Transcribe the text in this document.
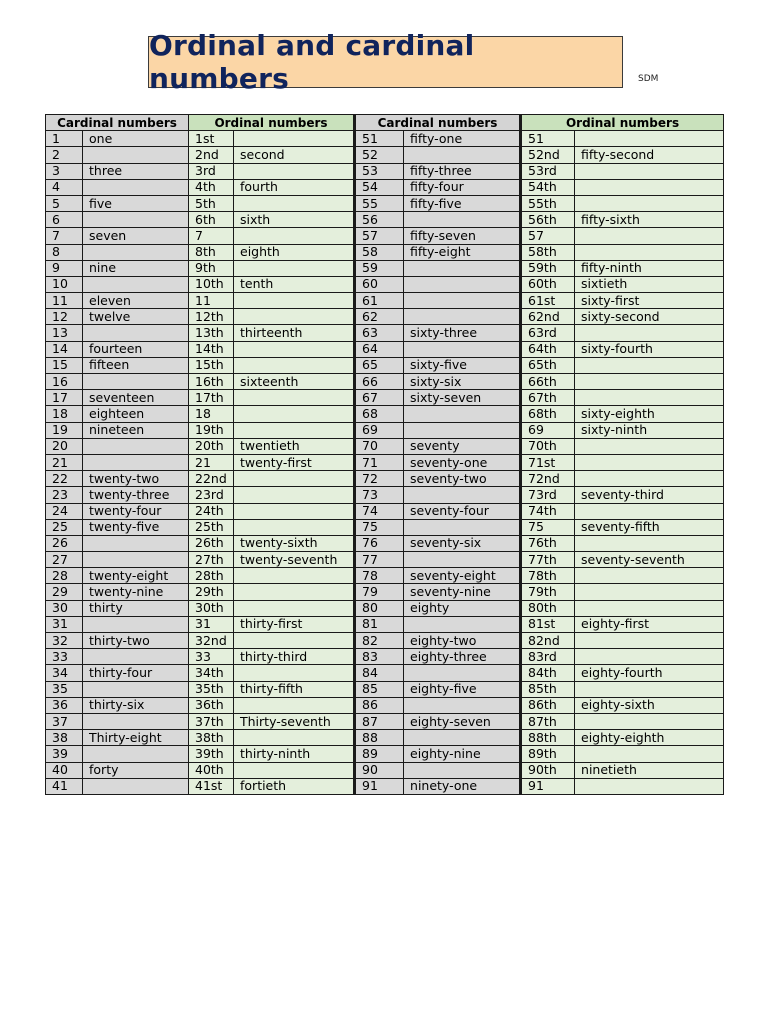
Ordinal and cardinal numbers	SDM
Cardinal numbers		Ordinal numbers		Cardinal numbers		Ordinal numbers	
1	one	1st		51	fifty-one	51	
2		2nd	second	52		52nd	fifty-second
3	three	3rd		53	fifty-three	53rd	
4		4th	fourth	54	fifty-four	54th	
5	five	5th		55	fifty-five	55th	
6		6th	sixth	56		56th	fifty-sixth
7	seven	7		57	fifty-seven	57	
8		8th	eighth	58	fifty-eight	58th	
9	nine	9th		59		59th	fifty-ninth
10		10th	tenth	60		60th	sixtieth
11	eleven	11		61		61st	sixty-first
12	twelve	12th		62		62nd	sixty-second
13		13th	thirteenth	63	sixty-three	63rd	
14	fourteen	14th		64		64th	sixty-fourth
15	fifteen	15th		65	sixty-five	65th	
16		16th	sixteenth	66	sixty-six	66th	
17	seventeen	17th		67	sixty-seven	67th	
18	eighteen	18		68		68th	sixty-eighth
19	nineteen	19th		69		69	sixty-ninth
20		20th	twentieth	70	seventy	70th	
21		21	twenty-first	71	seventy-one	71st	
22	twenty-two	22nd		72	seventy-two	72nd	
23	twenty-three	23rd		73		73rd	seventy-third
24	twenty-four	24th		74	seventy-four	74th	
25	twenty-five	25th		75		75	seventy-fifth
26		26th	twenty-sixth	76	seventy-six	76th	
27		27th	twenty-seventh	77		77th	seventy-seventh
28	twenty-eight	28th		78	seventy-eight	78th	
29	twenty-nine	29th		79	seventy-nine	79th	
30	thirty	30th		80	eighty	80th	
31		31	thirty-first	81		81st	eighty-first
32	thirty-two	32nd		82	eighty-two	82nd	
33		33	thirty-third	83	eighty-three	83rd	
34	thirty-four	34th		84		84th	eighty-fourth
35		35th	thirty-fifth	85	eighty-five	85th	
36	thirty-six	36th		86		86th	eighty-sixth
37		37th	Thirty-seventh	87	eighty-seven	87th	
38	Thirty-eight	38th		88		88th	eighty-eighth
39		39th	thirty-ninth	89	eighty-nine	89th	
40	forty	40th		90		90th	ninetieth
41		41st	fortieth	91	ninety-one	91	
